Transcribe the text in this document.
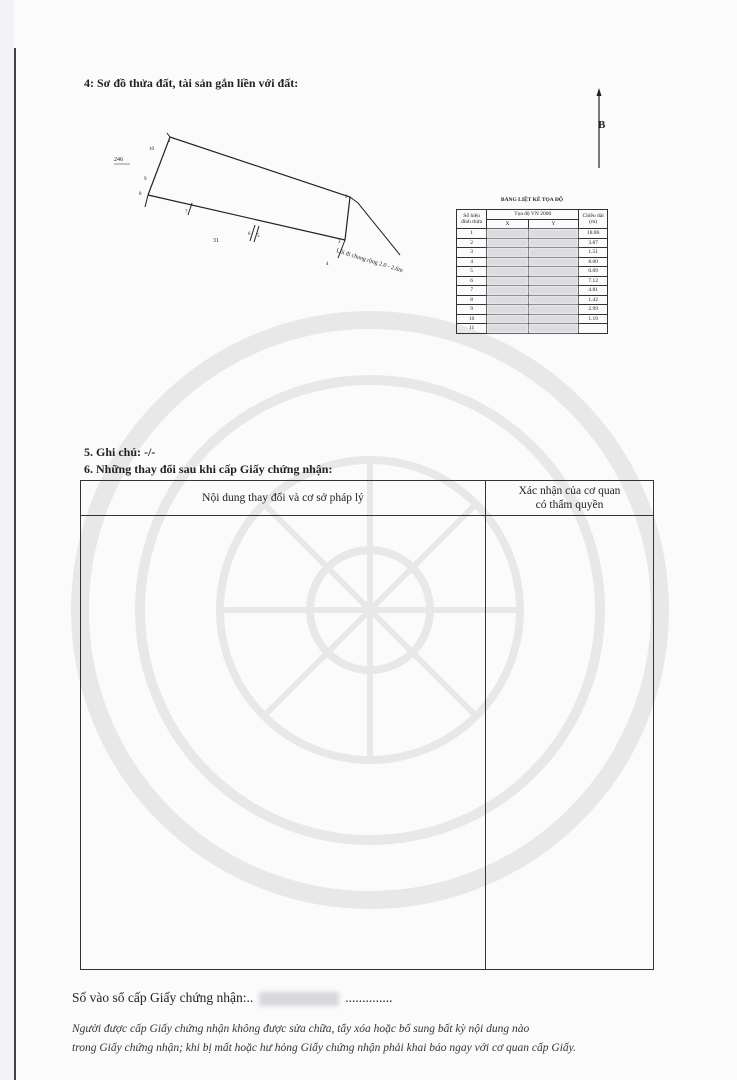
4: Sơ đồ thửa đất, tài sản gắn liền với đất:
246
31
Lối đi chung rộng 2.0 - 2.6m
1
2
3
4
5
6
7
8
9
10
B
BẢNG LIỆT KÊ TỌA ĐỘ
Số hiệu đỉnh thửa	Tọa độ VN 2000		Chiều dài (m)
	X	Y	
1			18.86
2			3.87
3			1.51
4			8.00
5			0.09
6			7.12
7			4.81
8			1.42
9			2.99
10			1.19
11			
5. Ghi chú: -/-
6. Những thay đổi sau khi cấp Giấy chứng nhận:
Nội dung thay đổi và cơ sở pháp lý
Xác nhận của cơ quan
có thẩm quyền
Số vào sổ cấp Giấy chứng nhận:..	..............
Người được cấp Giấy chứng nhận không được sửa chữa, tẩy xóa hoặc bổ sung bất kỳ nội dung nào
trong Giấy chứng nhận; khi bị mất hoặc hư hỏng Giấy chứng nhận phải khai báo ngay với cơ quan cấp Giấy.
